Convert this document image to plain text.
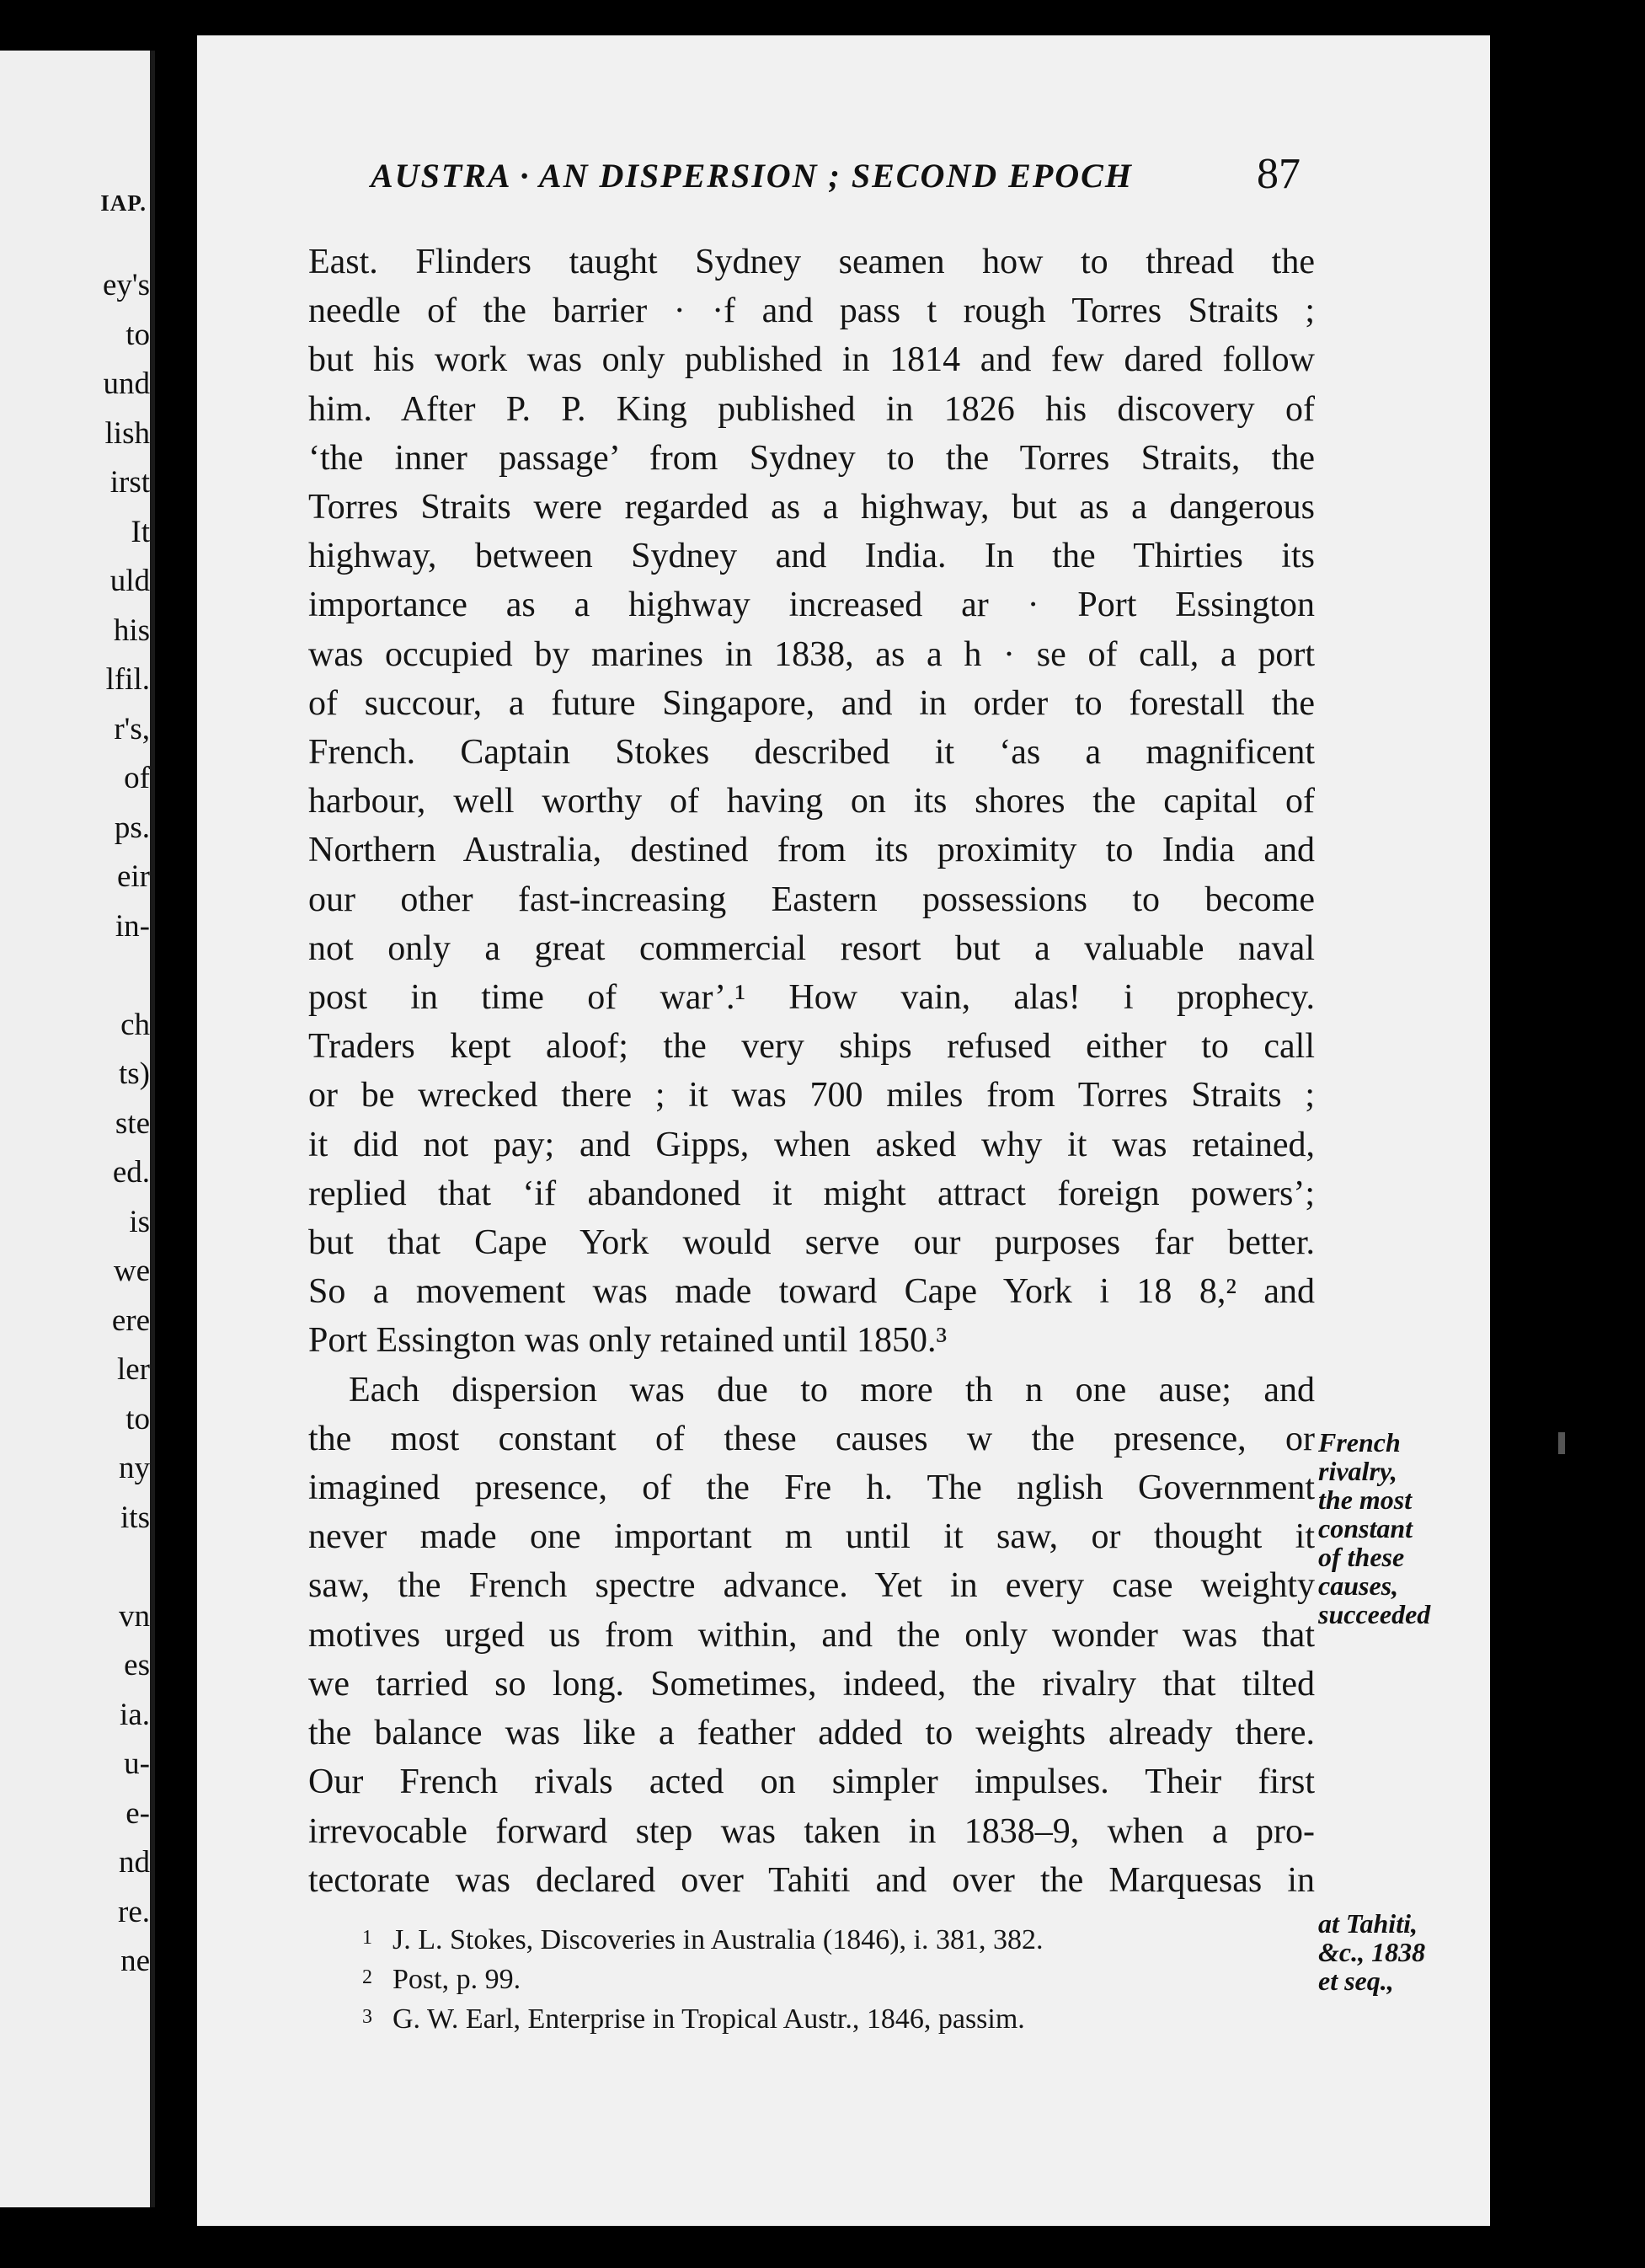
IAP.
ey's
to
und
lish
irst
It
uld
his
lfil.
r's,
of
ps.
eir
in-
ch
ts)
ste
ed.
is
we
ere
ler
to
ny
its
vn
es
ia.
u-
e-
nd
re.
ne
AUSTRA ∙ AN DISPERSION ; SECOND EPOCH	87
East. Flinders taught Sydney seamen how to thread the
needle of the barrier · ·f and pass t rough Torres Straits ;
but his work was only published in 1814 and few dared follow
him. After P. P. King published in 1826 his discovery of
‘the inner passage’ from Sydney to the Torres Straits, the
Torres Straits were regarded as a highway, but as a dangerous
highway, between Sydney and India. In the Thirties its
importance as a highway increased ar · Port Essington
was occupied by marines in 1838, as a h · se of call, a port
of succour, a future Singapore, and in order to forestall the
French. Captain Stokes described it ‘as a magnificent
harbour, well worthy of having on its shores the capital of
Northern Australia, destined from its proximity to India and
our other fast-increasing Eastern possessions to become
not only a great commercial resort but a valuable naval
post in time of war’.¹ How vain, alas! i prophecy.
Traders kept aloof; the very ships refused either to call
or be wrecked there ; it was 700 miles from Torres Straits ;
it did not pay; and Gipps, when asked why it was retained,
replied that ‘if abandoned it might attract foreign powers’;
but that Cape York would serve our purposes far better.
So a movement was made toward Cape York i 18 8,² and
Port Essington was only retained until 1850.³
Each dispersion was due to more th n one ause; and
the most constant of these causes w the presence, or
imagined presence, of the Fre h. The nglish Government
never made one important m until it saw, or thought it
saw, the French spectre advance. Yet in every case weighty
motives urged us from within, and the only wonder was that
we tarried so long. Sometimes, indeed, the rivalry that tilted
the balance was like a feather added to weights already there.
Our French rivals acted on simpler impulses. Their first
irrevocable forward step was taken in 1838–9, when a pro-
tectorate was declared over Tahiti and over the Marquesas in
French
rivalry,
the most
constant
of these
causes,
succeeded
at Tahiti,
&c., 1838
et seq.,
1 J. L. Stokes, Discoveries in Australia (1846), i. 381, 382.
2 Post, p. 99.
3 G. W. Earl, Enterprise in Tropical Austr., 1846, passim.
